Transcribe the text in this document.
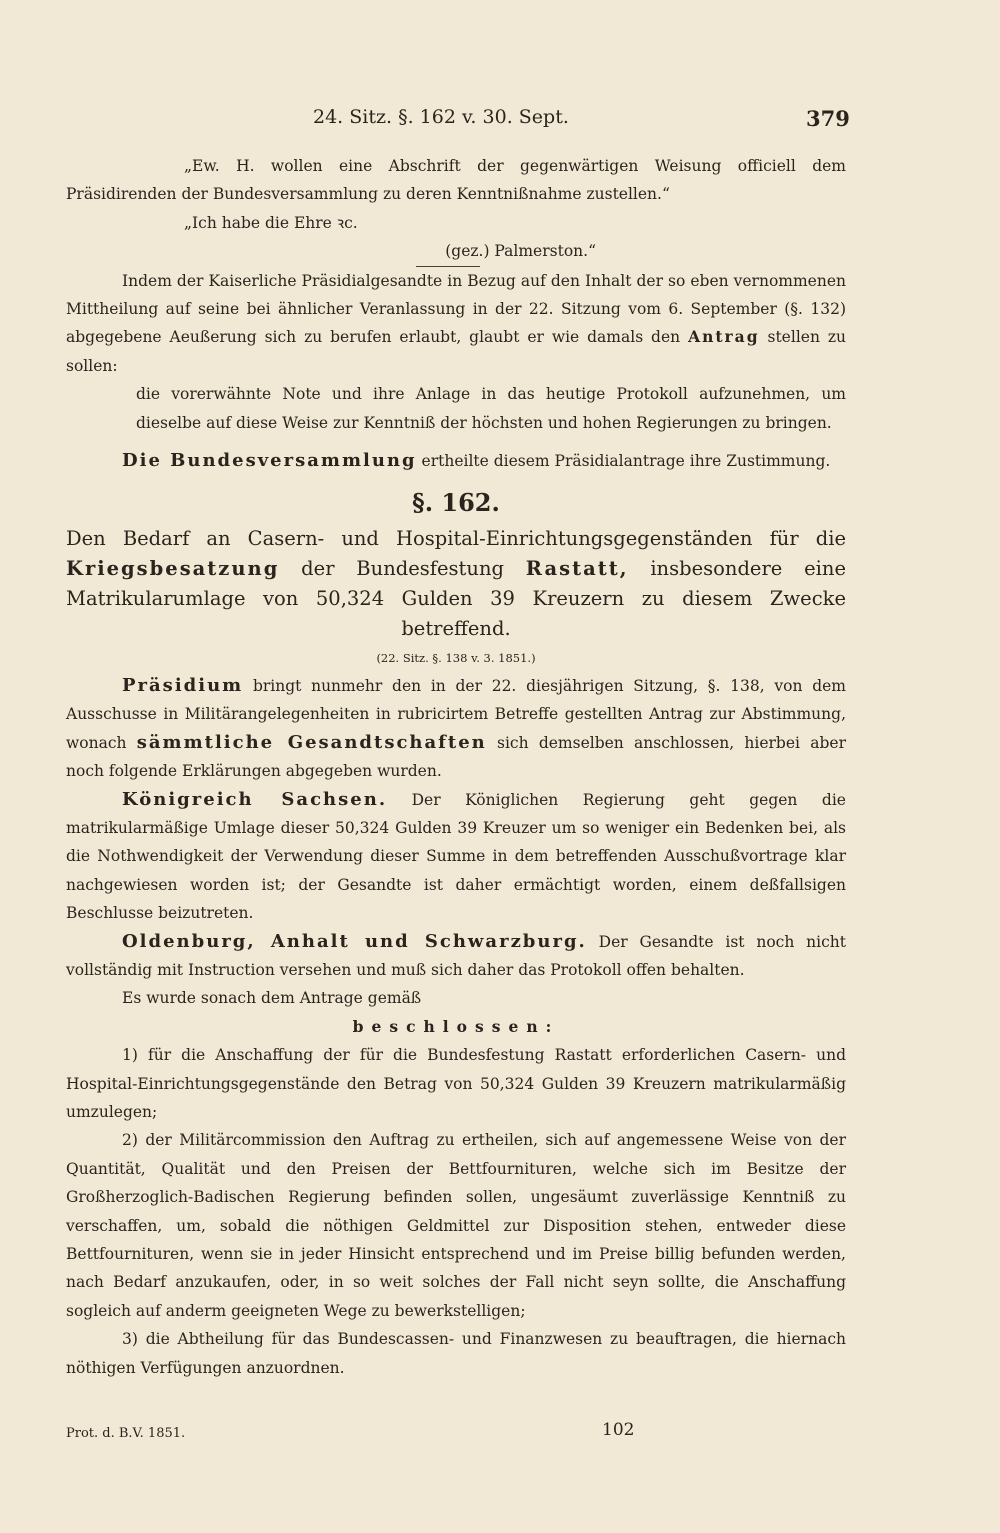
24. Sitz. §. 162 v. 30. Sept.	379

„Ew. H. wollen eine Abschrift der gegenwärtigen Weisung officiell dem Präsidirenden der Bundesversammlung zu deren Kenntnißnahme zustellen.“

„Ich habe die Ehre ꝛc.

(gez.) Palmerston.“

Indem der Kaiserliche Präsidialgesandte in Bezug auf den Inhalt der so eben vernommenen Mittheilung auf seine bei ähnlicher Veranlassung in der 22. Sitzung vom 6. September (§. 132) abgegebene Aeußerung sich zu berufen erlaubt, glaubt er wie damals den Antrag stellen zu sollen:

die vorerwähnte Note und ihre Anlage in das heutige Protokoll aufzunehmen, um dieselbe auf diese Weise zur Kenntniß der höchsten und hohen Regierungen zu bringen.

Die Bundesversammlung ertheilte diesem Präsidialantrage ihre Zustimmung.

§. 162.

Den Bedarf an Casern- und Hospital-Einrichtungsgegenständen für die Kriegsbesatzung der Bundesfestung Rastatt, insbesondere eine Matrikularumlage von 50,324 Gulden 39 Kreuzern zu diesem Zwecke betreffend.

(22. Sitz. §. 138 v. 3. 1851.)

Präsidium bringt nunmehr den in der 22. diesjährigen Sitzung, §. 138, von dem Ausschusse in Militärangelegenheiten in rubricirtem Betreffe gestellten Antrag zur Abstimmung, wonach sämmtliche Gesandtschaften sich demselben anschlossen, hierbei aber noch folgende Erklärungen abgegeben wurden.

Königreich Sachsen. Der Königlichen Regierung geht gegen die matrikularmäßige Umlage dieser 50,324 Gulden 39 Kreuzer um so weniger ein Bedenken bei, als die Nothwendigkeit der Verwendung dieser Summe in dem betreffenden Ausschußvortrage klar nachgewiesen worden ist; der Gesandte ist daher ermächtigt worden, einem deßfallsigen Beschlusse beizutreten.

Oldenburg, Anhalt und Schwarzburg. Der Gesandte ist noch nicht vollständig mit Instruction versehen und muß sich daher das Protokoll offen behalten.

Es wurde sonach dem Antrage gemäß

beschlossen:

1) für die Anschaffung der für die Bundesfestung Rastatt erforderlichen Casern- und Hospital-Einrichtungsgegenstände den Betrag von 50,324 Gulden 39 Kreuzern matrikularmäßig umzulegen;

2) der Militärcommission den Auftrag zu ertheilen, sich auf angemessene Weise von der Quantität, Qualität und den Preisen der Bettfournituren, welche sich im Besitze der Großherzoglich-Badischen Regierung befinden sollen, ungesäumt zuverlässige Kenntniß zu verschaffen, um, sobald die nöthigen Geldmittel zur Disposition stehen, entweder diese Bettfournituren, wenn sie in jeder Hinsicht entsprechend und im Preise billig befunden werden, nach Bedarf anzukaufen, oder, in so weit solches der Fall nicht seyn sollte, die Anschaffung sogleich auf anderm geeigneten Wege zu bewerkstelligen;

3) die Abtheilung für das Bundescassen- und Finanzwesen zu beauftragen, die hiernach nöthigen Verfügungen anzuordnen.

Prot. d. B.V. 1851.	102
